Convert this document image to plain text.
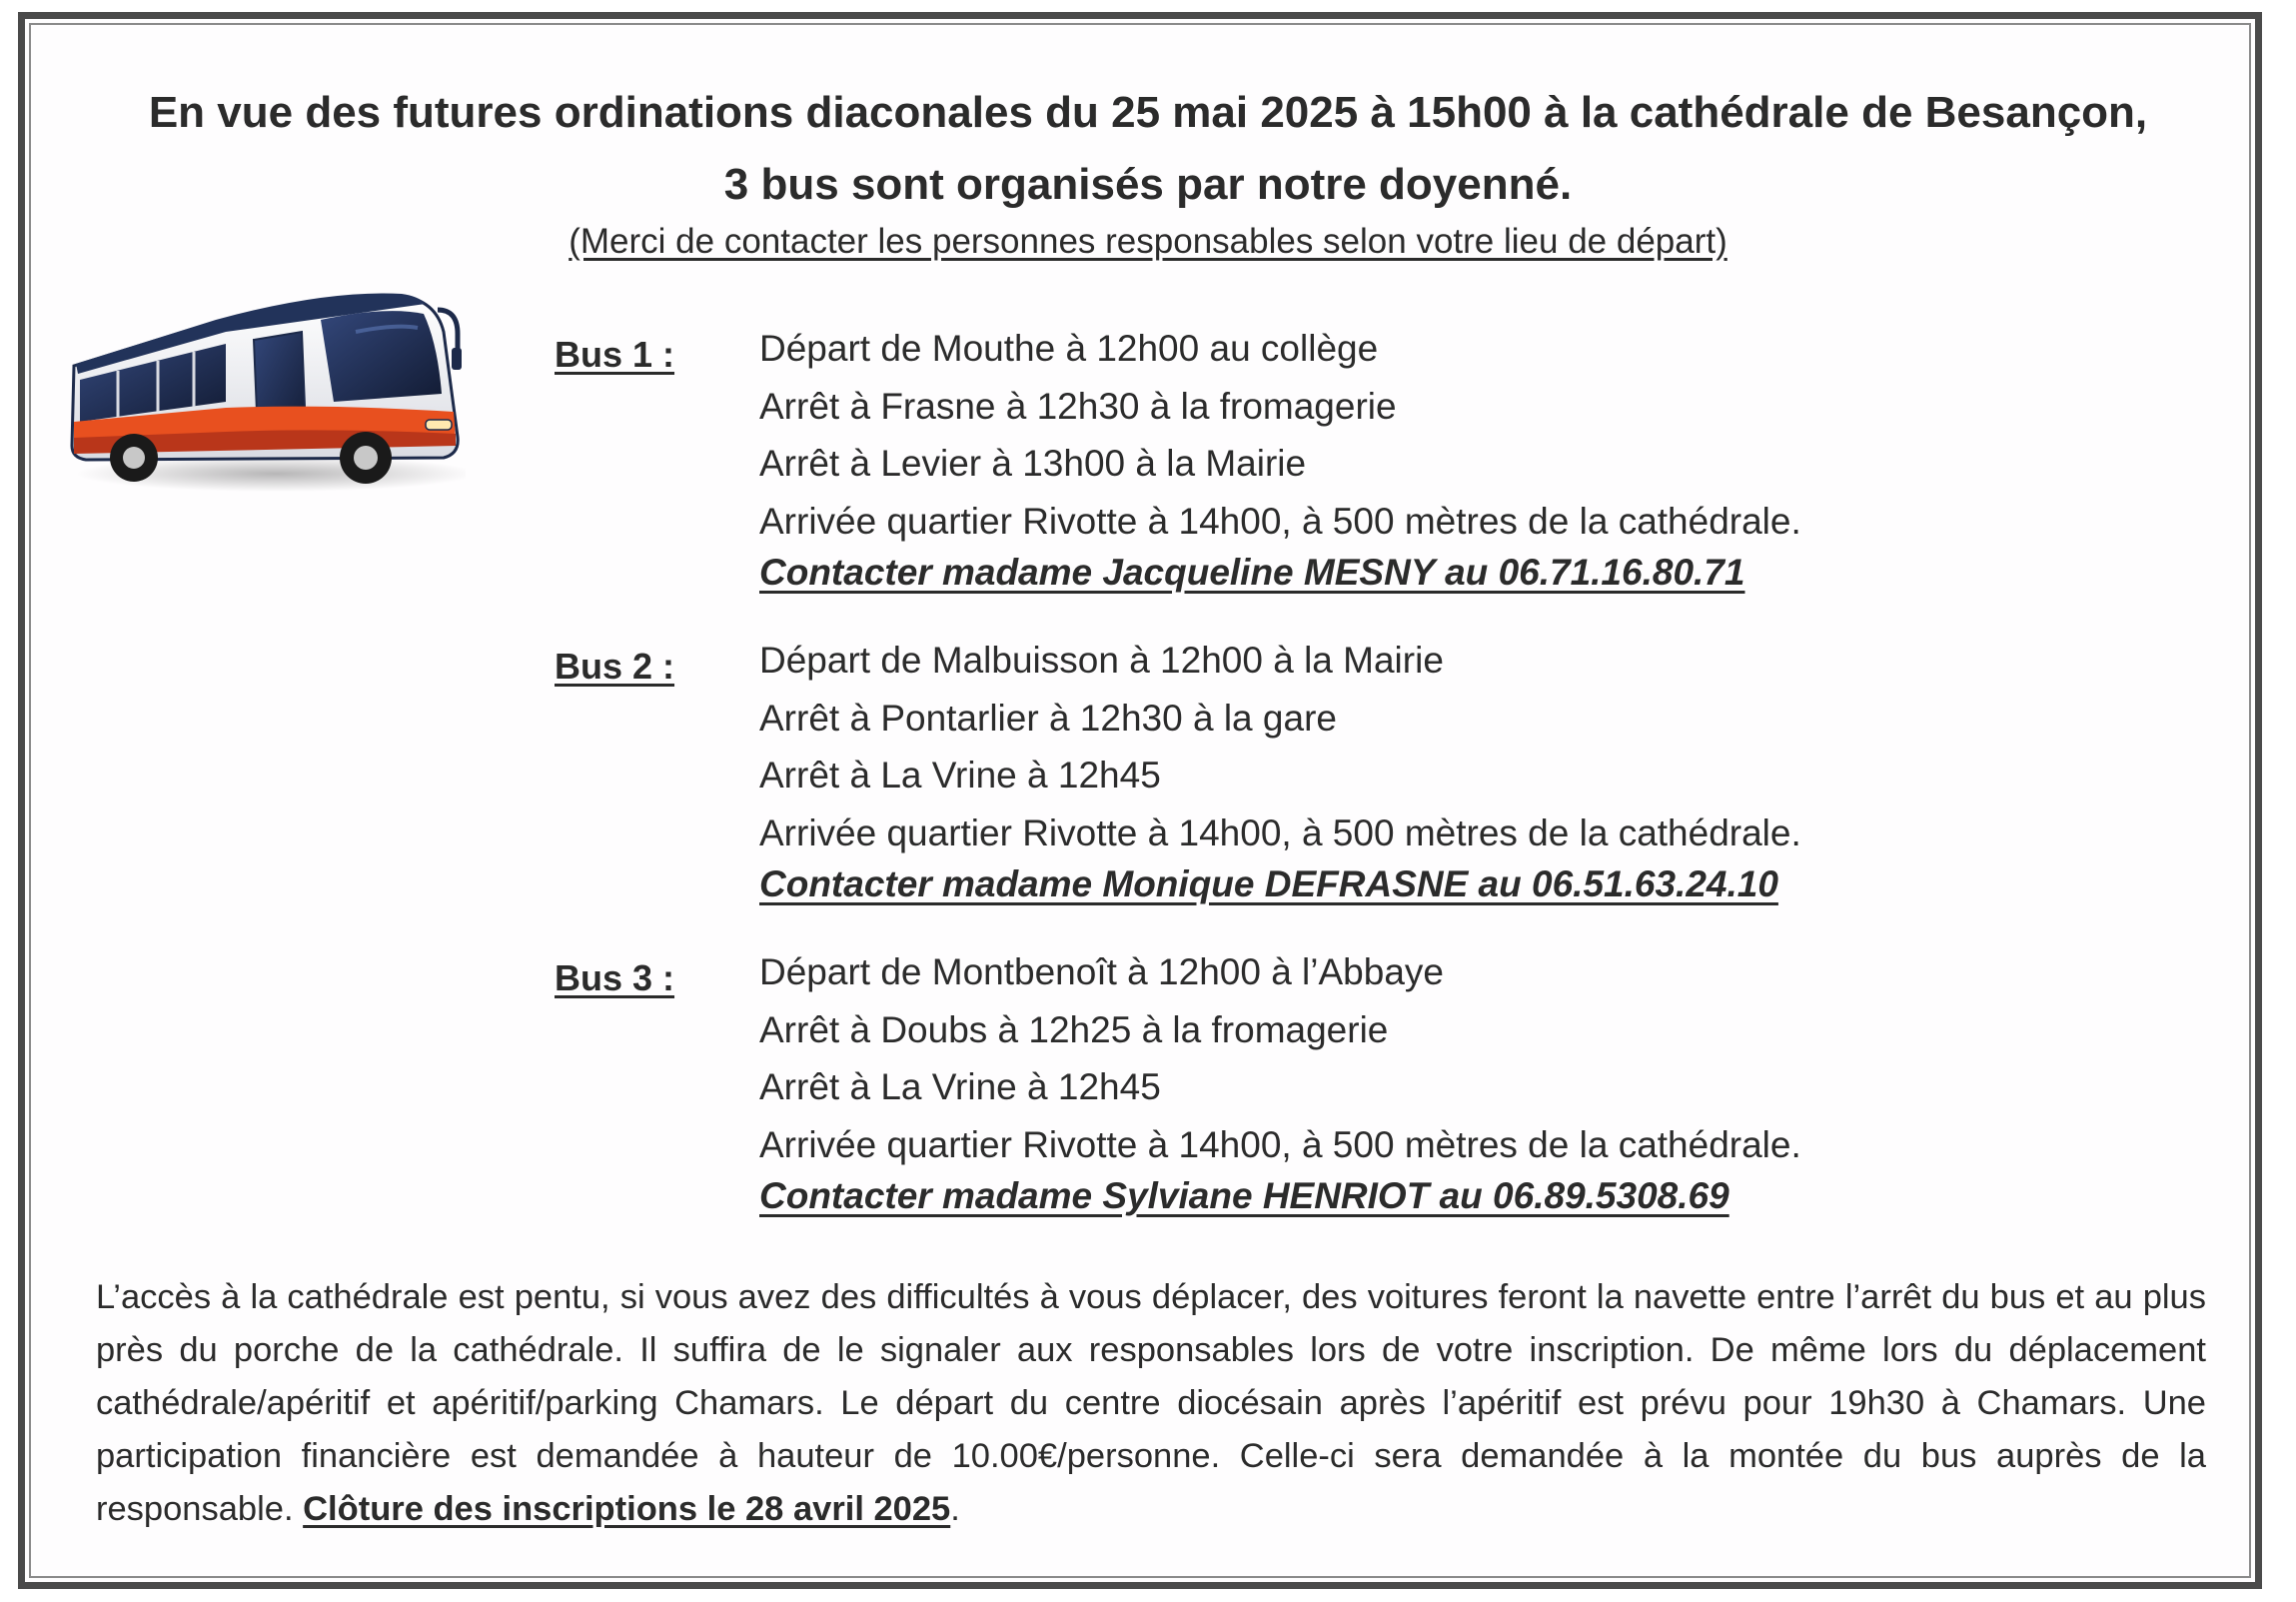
En vue des futures ordinations diaconales du 25 mai 2025 à 15h00 à la cathédrale de Besançon,
3 bus sont organisés par notre doyenné.
(Merci de contacter les personnes responsables selon votre lieu de départ)
Bus 1 : Départ de Mouthe à 12h00 au collège
Arrêt à Frasne à 12h30 à la fromagerie
Arrêt à Levier à 13h00 à la Mairie
Arrivée quartier Rivotte à 14h00, à 500 mètres de la cathédrale.
Contacter madame Jacqueline MESNY au 06.71.16.80.71
Bus 2 : Départ de Malbuisson à 12h00 à la Mairie
Arrêt à Pontarlier à 12h30 à la gare
Arrêt à La Vrine à 12h45
Arrivée quartier Rivotte à 14h00, à 500 mètres de la cathédrale.
Contacter madame Monique DEFRASNE au 06.51.63.24.10
Bus 3 : Départ de Montbenoît à 12h00 à l’Abbaye
Arrêt à Doubs à 12h25 à la fromagerie
Arrêt à La Vrine à 12h45
Arrivée quartier Rivotte à 14h00, à 500 mètres de la cathédrale.
Contacter madame Sylviane HENRIOT au 06.89.5308.69
L’accès à la cathédrale est pentu, si vous avez des difficultés à vous déplacer, des voitures feront la navette entre l’arrêt du bus et au plus près du porche de la cathédrale. Il suffira de le signaler aux responsables lors de votre inscription. De même lors du déplacement cathédrale/apéritif et apéritif/parking Chamars. Le départ du centre diocésain après l’apéritif est prévu pour 19h30 à Chamars. Une participation financière est demandée à hauteur de 10.00€/personne. Celle-ci sera demandée à la montée du bus auprès de la responsable. Clôture des inscriptions le 28 avril 2025.
